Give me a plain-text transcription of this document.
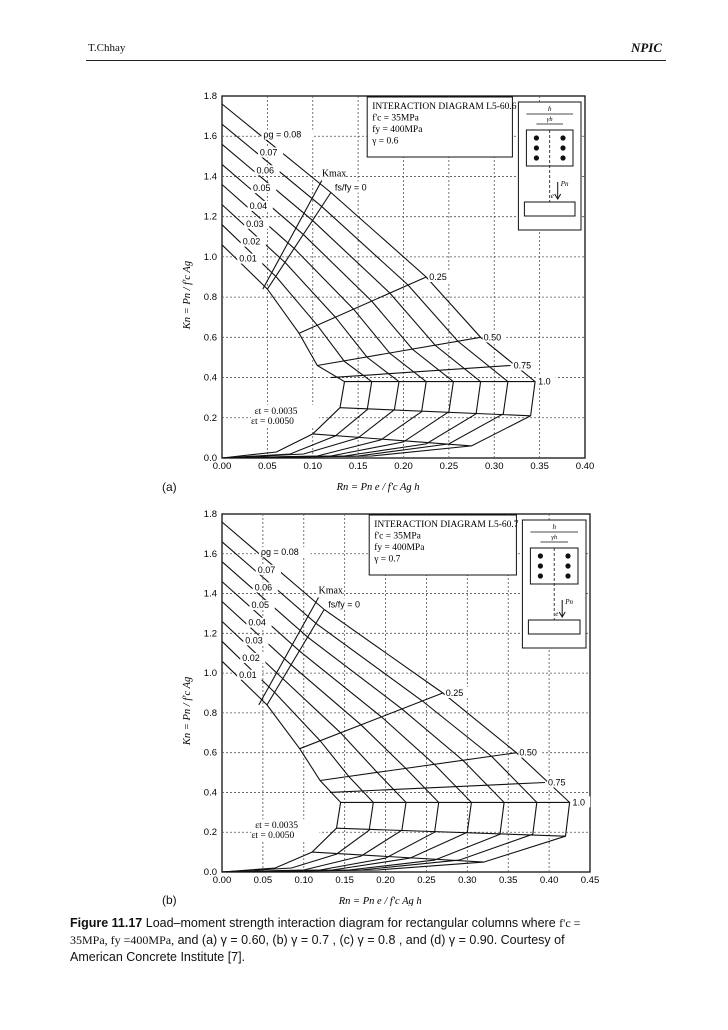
T.Chhay	NPIC
0.00	0.05	0.10	0.15	0.20	0.25	0.30	0.35	0.40
0.0
0.2
0.4
0.6
0.8
1.0
1.2
1.4
1.6
1.8
Rn = Pn e / f'c Ag h
Kn = Pn / f'c Ag
ρg = 0.08
0.07
0.06
0.05
0.04
0.03
0.02
0.01
fs/fy = 0
0.25
0.50
0.75
1.0
Kmax
εt = 0.0035
εt = 0.0050
INTERACTION DIAGRAM L5-60.6
f'c = 35MPa
fy = 400MPa
γ = 0.6
h
γh
Pn
e
(a)
0.00 0.05 0.10 0.15 0.20 0.25 0.30 0.35 0.40 0.45
0.0
0.2
0.4
0.6
0.8
1.0
1.2
1.4
1.6
1.8
Rn = Pn e / f'c Ag h
Kn = Pn / f'c Ag
ρg = 0.08
0.07
0.06
0.05
0.04
0.03
0.02
0.01
fs/fy = 0
0.25
0.50
0.75
1.0
Kmax
εt = 0.0035
εt = 0.0050
INTERACTION DIAGRAM L5-60.7
f'c = 35MPa
fy = 400MPa
γ = 0.7
h
γh
Pn
e
(b)
Figure 11.17 Load–moment strength interaction diagram for rectangular columns where f'c =
35MPa, fy =400MPa, and (a) γ = 0.60, (b) γ = 0.7 , (c) γ = 0.8 , and (d) γ = 0.90. Courtesy of
American Concrete Institute [7].
